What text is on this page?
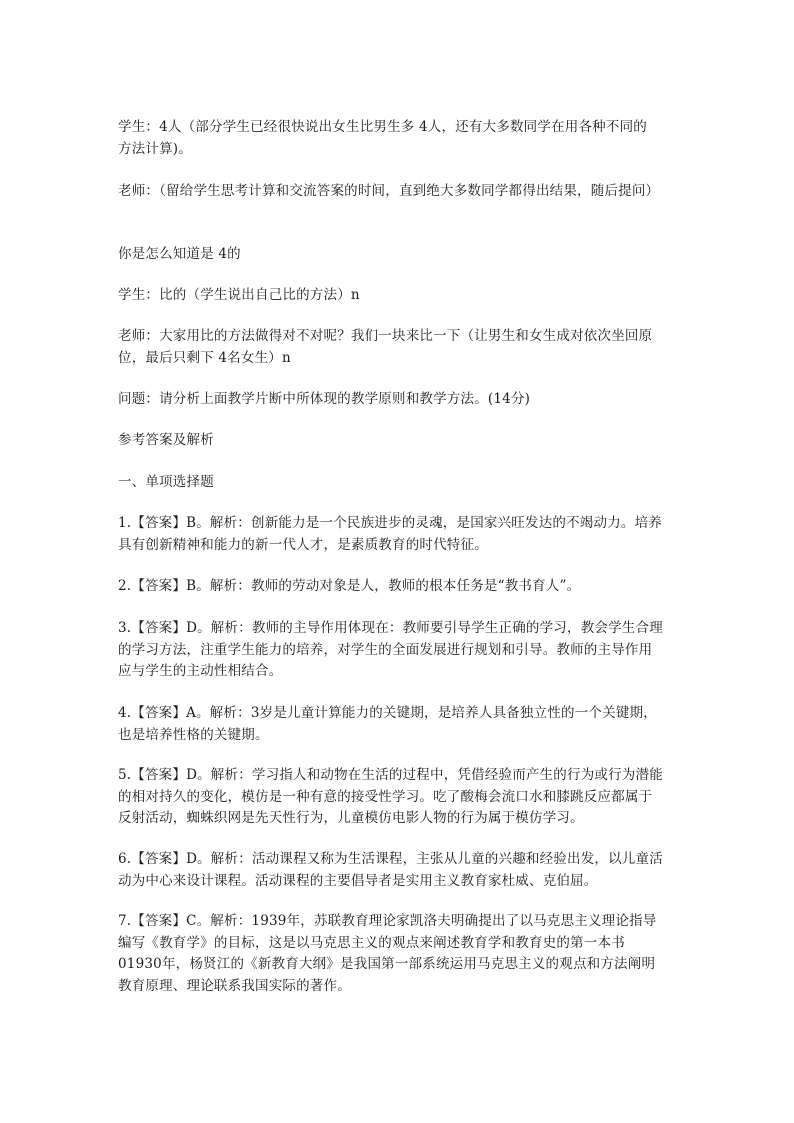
学生：4人（部分学生已经很快说出女生比男生多 4人，还有大多数同学在用各种不同的
方法计算)。
老师：（留给学生思考计算和交流答案的时间，直到绝大多数同学都得出结果，随后提问）
你是怎么知道是 4的
学生：比的（学生说出自己比的方法）n
老师：大家用比的方法做得对不对呢？我们一块来比一下（让男生和女生成对依次坐回原
位，最后只剩下 4名女生）n
问题：请分析上面教学片断中所体现的教学原则和教学方法。(14分)
参考答案及解析
一、单项选择题
1.【答案】B。解析：创新能力是一个民族进步的灵魂，是国家兴旺发达的不竭动力。培养
具有创新精神和能力的新一代人才，是素质教育的时代特征。
2.【答案】B。解析：教师的劳动对象是人，教师的根本任务是“教书育人”。
3.【答案】D。解析：教师的主导作用体现在：教师要引导学生正确的学习，教会学生合理
的学习方法，注重学生能力的培养，对学生的全面发展进行规划和引导。教师的主导作用
应与学生的主动性相结合。
4.【答案】A。解析：3岁是儿童计算能力的关键期，是培养人具备独立性的一个关键期，
也是培养性格的关键期。
5.【答案】D。解析：学习指人和动物在生活的过程中，凭借经验而产生的行为或行为潜能
的相对持久的变化，模仿是一种有意的接受性学习。吃了酸梅会流口水和膝跳反应都属于
反射活动，蜘蛛织网是先天性行为，儿童模仿电影人物的行为属于模仿学习。
6.【答案】D。解析：活动课程又称为生活课程，主张从儿童的兴趣和经验出发，以儿童活
动为中心来设计课程。活动课程的主要倡导者是实用主义教育家杜威、克伯屈。
7.【答案】C。解析：1939年，苏联教育理论家凯洛夫明确提出了以马克思主义理论指导
编写《教育学》的目标，这是以马克思主义的观点来阐述教育学和教育史的第一本书
01930年，杨贤江的《新教育大纲》是我国第一部系统运用马克思主义的观点和方法阐明
教育原理、理论联系我国实际的著作。
